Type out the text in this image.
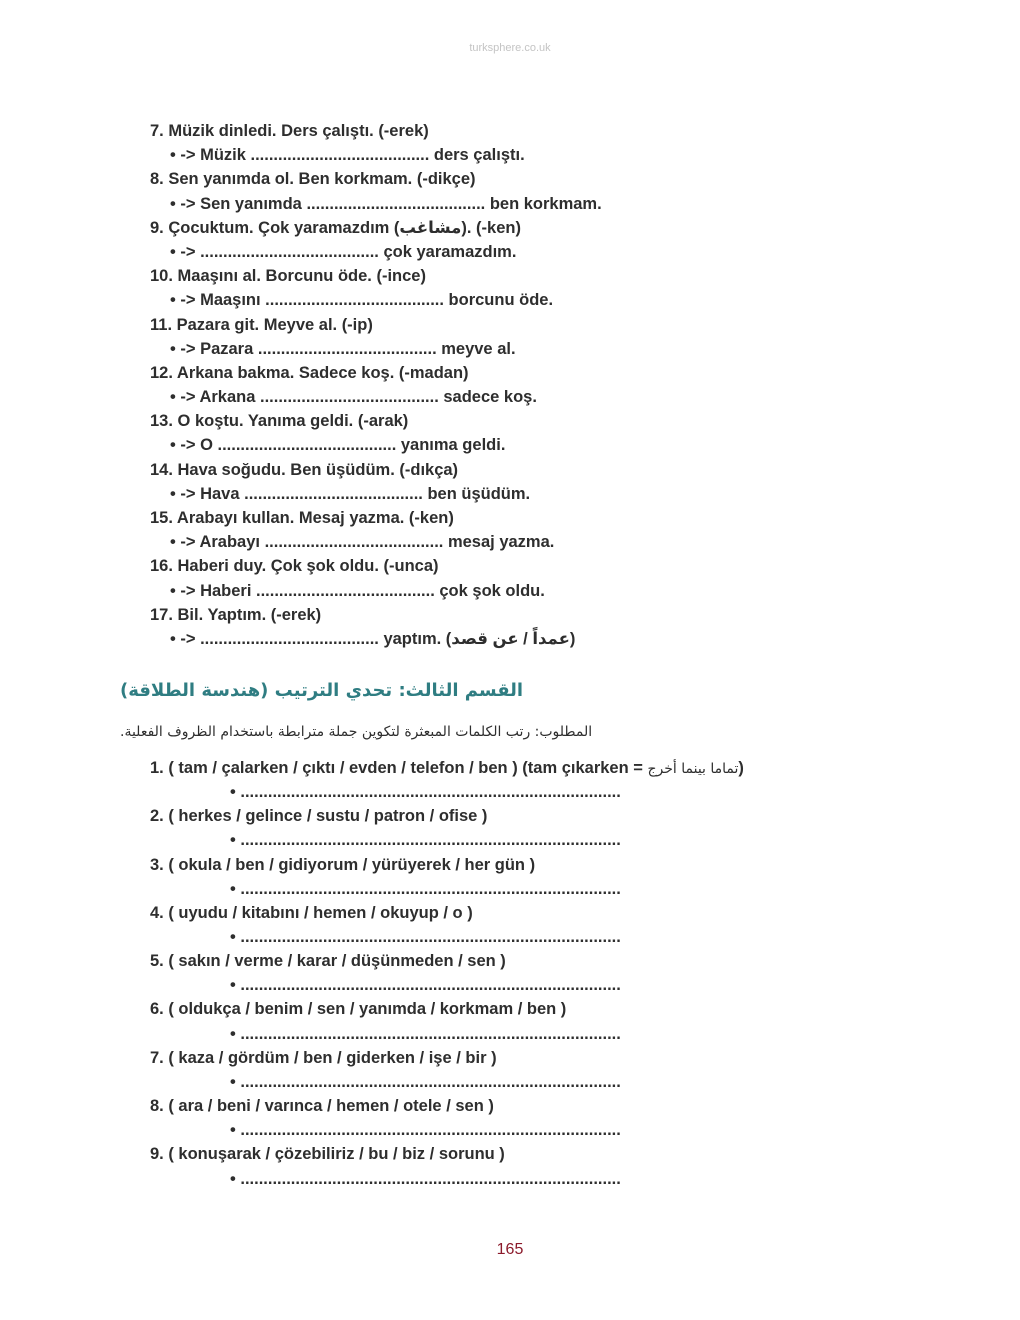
turksphere.co.uk
7. Müzik dinledi. Ders çalıştı. (-erek)
• -> Müzik ....................................... ders çalıştı.
8. Sen yanımda ol. Ben korkmam. (-dikçe)
• -> Sen yanımda ....................................... ben korkmam.
9. Çocuktum. Çok yaramazdım (مشاغب). (-ken)
• -> ....................................... çok yaramazdım.
10. Maaşını al. Borcunu öde. (-ince)
• -> Maaşını ....................................... borcunu öde.
11. Pazara git. Meyve al. (-ip)
• -> Pazara ....................................... meyve al.
12. Arkana bakma. Sadece koş. (-madan)
• -> Arkana ....................................... sadece koş.
13. O koştu. Yanıma geldi. (-arak)
• -> O ....................................... yanıma geldi.
14. Hava soğudu. Ben üşüdüm. (-dıkça)
• -> Hava ....................................... ben üşüdüm.
15. Arabayı kullan. Mesaj yazma. (-ken)
• -> Arabayı ....................................... mesaj yazma.
16. Haberi duy. Çok şok oldu. (-unca)
• -> Haberi ....................................... çok şok oldu.
17. Bil. Yaptım. (-erek)
• -> ....................................... yaptım. (عمداً / عن قصد)
القسم الثالث: تحدي الترتيب (هندسة الطلاقة)
المطلوب: رتب الكلمات المبعثرة لتكوين جملة مترابطة باستخدام الظروف الفعلية.
1. ( tam / çalarken / çıktı / evden / telefon / ben ) (tam çıkarken = تماما بينما أخرج)
• ...................................................................................
2. ( herkes / gelince / sustu / patron / ofise )
• ...................................................................................
3. ( okula / ben / gidiyorum / yürüyerek / her gün )
• ...................................................................................
4. ( uyudu / kitabını / hemen / okuyup / o )
• ...................................................................................
5. ( sakın / verme / karar / düşünmeden / sen )
• ...................................................................................
6. ( oldukça / benim / sen / yanımda / korkmam / ben )
• ...................................................................................
7. ( kaza / gördüm / ben / giderken / işe / bir )
• ...................................................................................
8. ( ara / beni / varınca / hemen / otele / sen )
• ...................................................................................
9. ( konuşarak / çözebiliriz / bu / biz / sorunu )
• ...................................................................................
165
